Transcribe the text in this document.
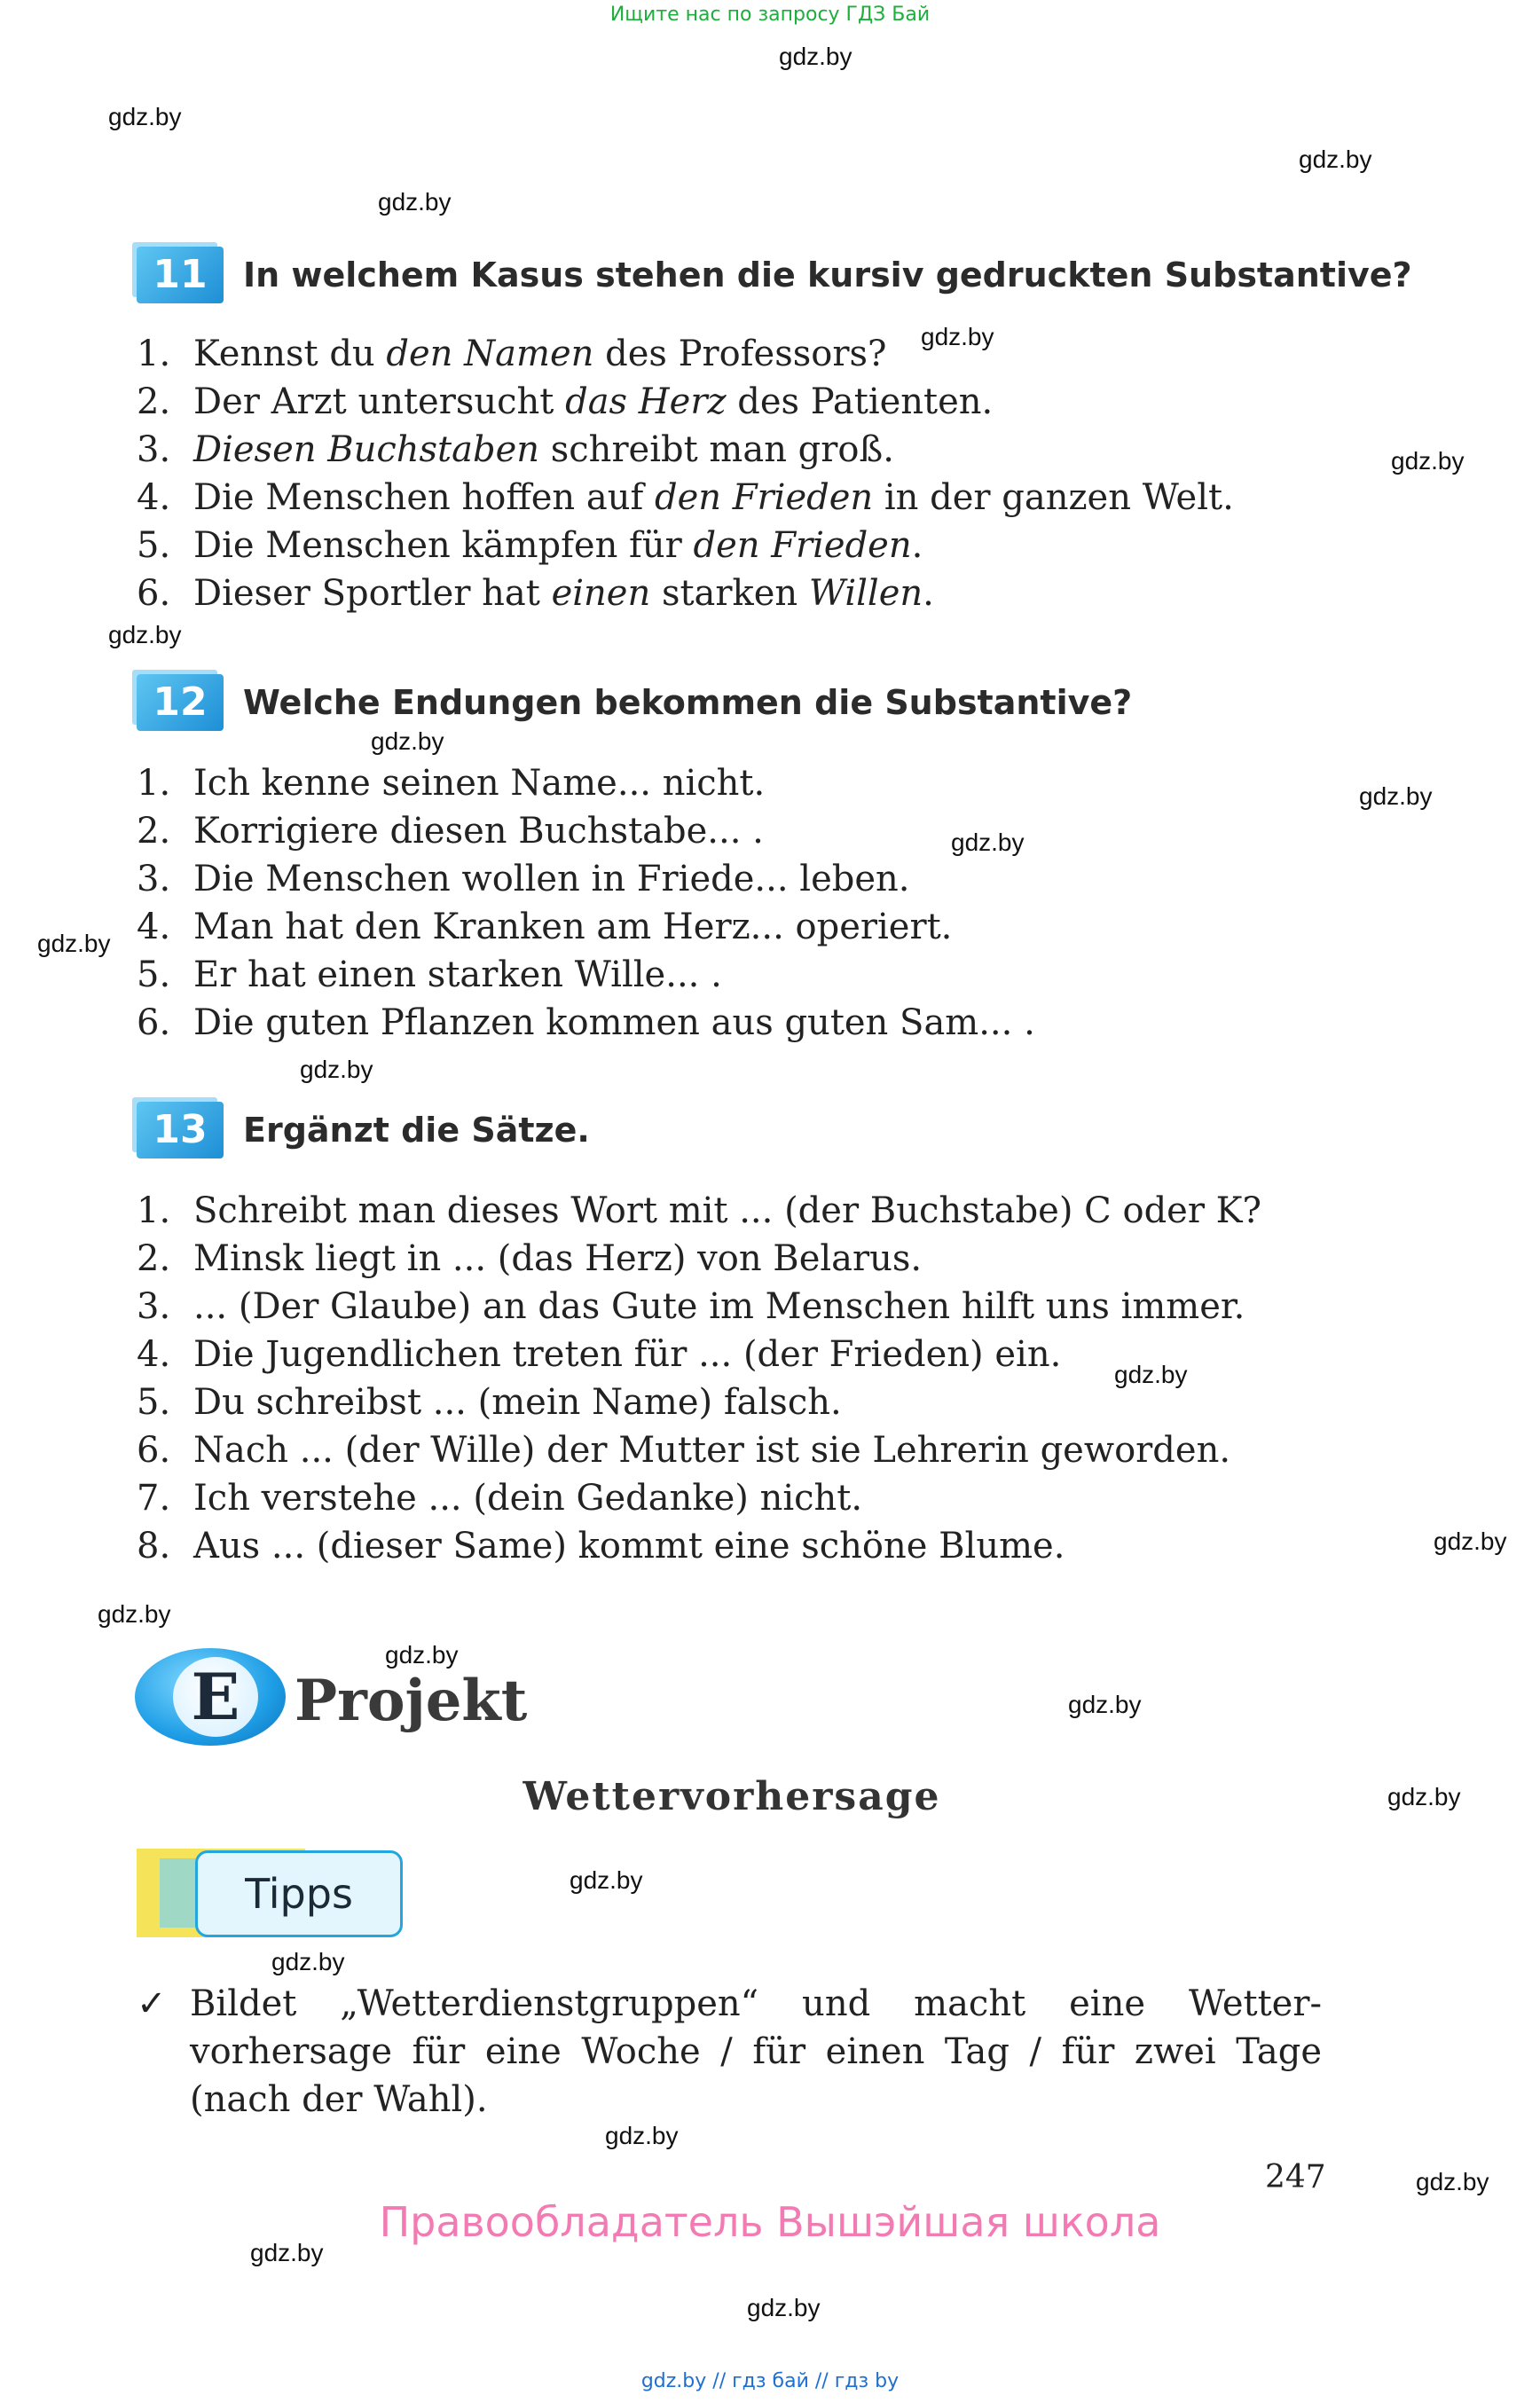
Ищите нас по запросу ГДЗ Бай
gdz.by
gdz.by
gdz.by
gdz.by
gdz.by
gdz.by
gdz.by
gdz.by
gdz.by
gdz.by
gdz.by
gdz.by
gdz.by
gdz.by
gdz.by
gdz.by
gdz.by
gdz.by
gdz.by
gdz.by
gdz.by
gdz.by
gdz.by
gdz.by
11	In welchem Kasus stehen die kursiv gedruckten Substantive?
1. Kennst du den Namen des Professors?
2. Der Arzt untersucht das Herz des Patienten.
3. Diesen Buchstaben schreibt man groß.
4. Die Menschen hoffen auf den Frieden in der ganzen Welt.
5. Die Menschen kämpfen für den Frieden.
6. Dieser Sportler hat einen starken Willen.
12	Welche Endungen bekommen die Substantive?
1. Ich kenne seinen Name... nicht.
2. Korrigiere diesen Buchstabe... .
3. Die Menschen wollen in Friede... leben.
4. Man hat den Kranken am Herz... operiert.
5. Er hat einen starken Wille... .
6. Die guten Pflanzen kommen aus guten Sam... .
13	Ergänzt die Sätze.
1. Schreibt man dieses Wort mit ... (der Buchstabe) C oder K?
2. Minsk liegt in ... (das Herz) von Belarus.
3. ... (Der Glaube) an das Gute im Menschen hilft uns immer.
4. Die Jugendlichen treten für ... (der Frieden) ein.
5. Du schreibst ... (mein Name) falsch.
6. Nach ... (der Wille) der Mutter ist sie Lehrerin geworden.
7. Ich verstehe ... (dein Gedanke) nicht.
8. Aus ... (dieser Same) kommt eine schöne Blume.
E Projekt
Wettervorhersage
Tipps
✓ Bildet „Wetterdienstgruppen“ und macht eine Wetter-vorhersage für eine Woche / für einen Tag / für zwei Tage (nach der Wahl).
247
Правообладатель Вышэйшая школа
gdz.by // гдз бай // гдз by
